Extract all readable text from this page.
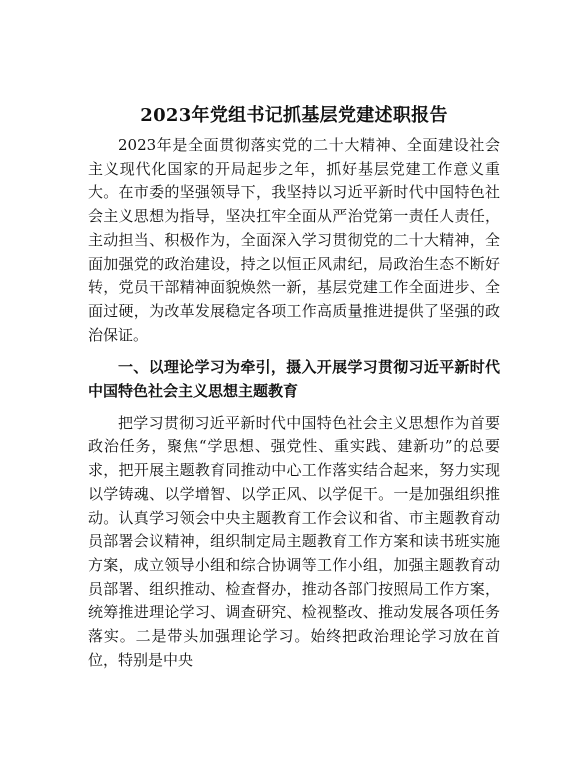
2023年党组书记抓基层党建述职报告

2023年是全面贯彻落实党的二十大精神、全面建设社会主义现代化国家的开局起步之年，抓好基层党建工作意义重大。在市委的坚强领导下，我坚持以习近平新时代中国特色社会主义思想为指导，坚决扛牢全面从严治党第一责任人责任，主动担当、积极作为，全面深入学习贯彻党的二十大精神，全面加强党的政治建设，持之以恒正风肃纪，局政治生态不断好转，党员干部精神面貌焕然一新，基层党建工作全面进步、全面过硬，为改革发展稳定各项工作高质量推进提供了坚强的政治保证。

一、以理论学习为牵引，摄入开展学习贯彻习近平新时代中国特色社会主义思想主题教育

把学习贯彻习近平新时代中国特色社会主义思想作为首要政治任务，聚焦“学思想、强党性、重实践、建新功”的总要求，把开展主题教育同推动中心工作落实结合起来，努力实现以学铸魂、以学增智、以学正风、以学促干。一是加强组织推动。认真学习领会中央主题教育工作会议和省、市主题教育动员部署会议精神，组织制定局主题教育工作方案和读书班实施方案，成立领导小组和综合协调等工作小组，加强主题教育动员部署、组织推动、检查督办，推动各部门按照局工作方案，统筹推进理论学习、调查研究、检视整改、推动发展各项任务落实。二是带头加强理论学习。始终把政治理论学习放在首位，特别是中央
